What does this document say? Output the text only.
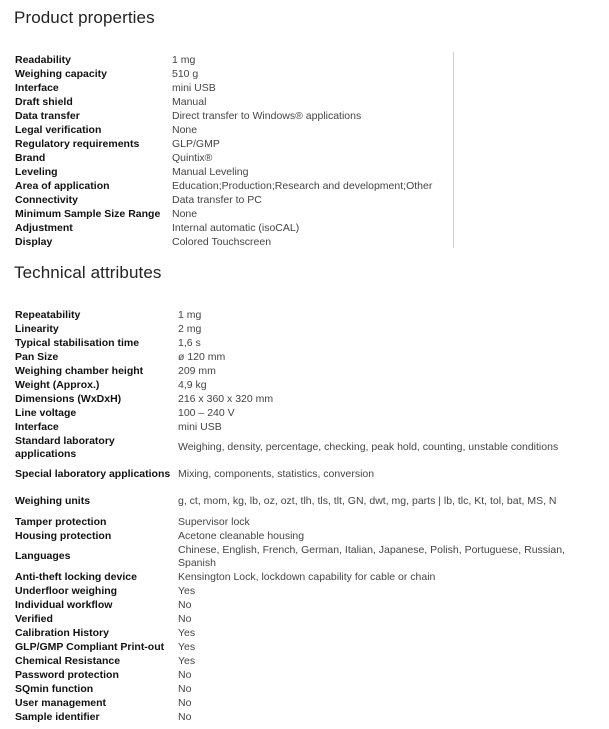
Product properties
Readability	1 mg
Weighing capacity	510 g
Interface	mini USB
Draft shield	Manual
Data transfer	Direct transfer to Windows® applications
Legal verification	None
Regulatory requirements	GLP/GMP
Brand	Quintix®
Leveling	Manual Leveling
Area of application	Education;Production;Research and development;Other
Connectivity	Data transfer to PC
Minimum Sample Size Range	None
Adjustment	Internal automatic (isoCAL)
Display	Colored Touchscreen
Technical attributes
Repeatability	1 mg
Linearity	2 mg
Typical stabilisation time	1,6 s
Pan Size	ø 120 mm
Weighing chamber height	209 mm
Weight (Approx.)	4,9 kg
Dimensions (WxDxH)	216 x 360 x 320 mm
Line voltage	100 – 240 V
Interface	mini USB
Standard laboratory applications	Weighing, density, percentage, checking, peak hold, counting, unstable conditions
Special laboratory applications	Mixing, components, statistics, conversion
Weighing units	g, ct, mom, kg, lb, oz, ozt, tlh, tls, tlt, GN, dwt, mg, parts | lb, tlc, Kt, tol, bat, MS, N
Tamper protection	Supervisor lock
Housing protection	Acetone cleanable housing
Languages	Chinese, English, French, German, Italian, Japanese, Polish, Portuguese, Russian, Spanish
Anti-theft locking device	Kensington Lock, lockdown capability for cable or chain
Underfloor weighing	Yes
Individual workflow	No
Verified	No
Calibration History	Yes
GLP/GMP Compliant Print-out	Yes
Chemical Resistance	Yes
Password protection	No
SQmin function	No
User management	No
Sample identifier	No
